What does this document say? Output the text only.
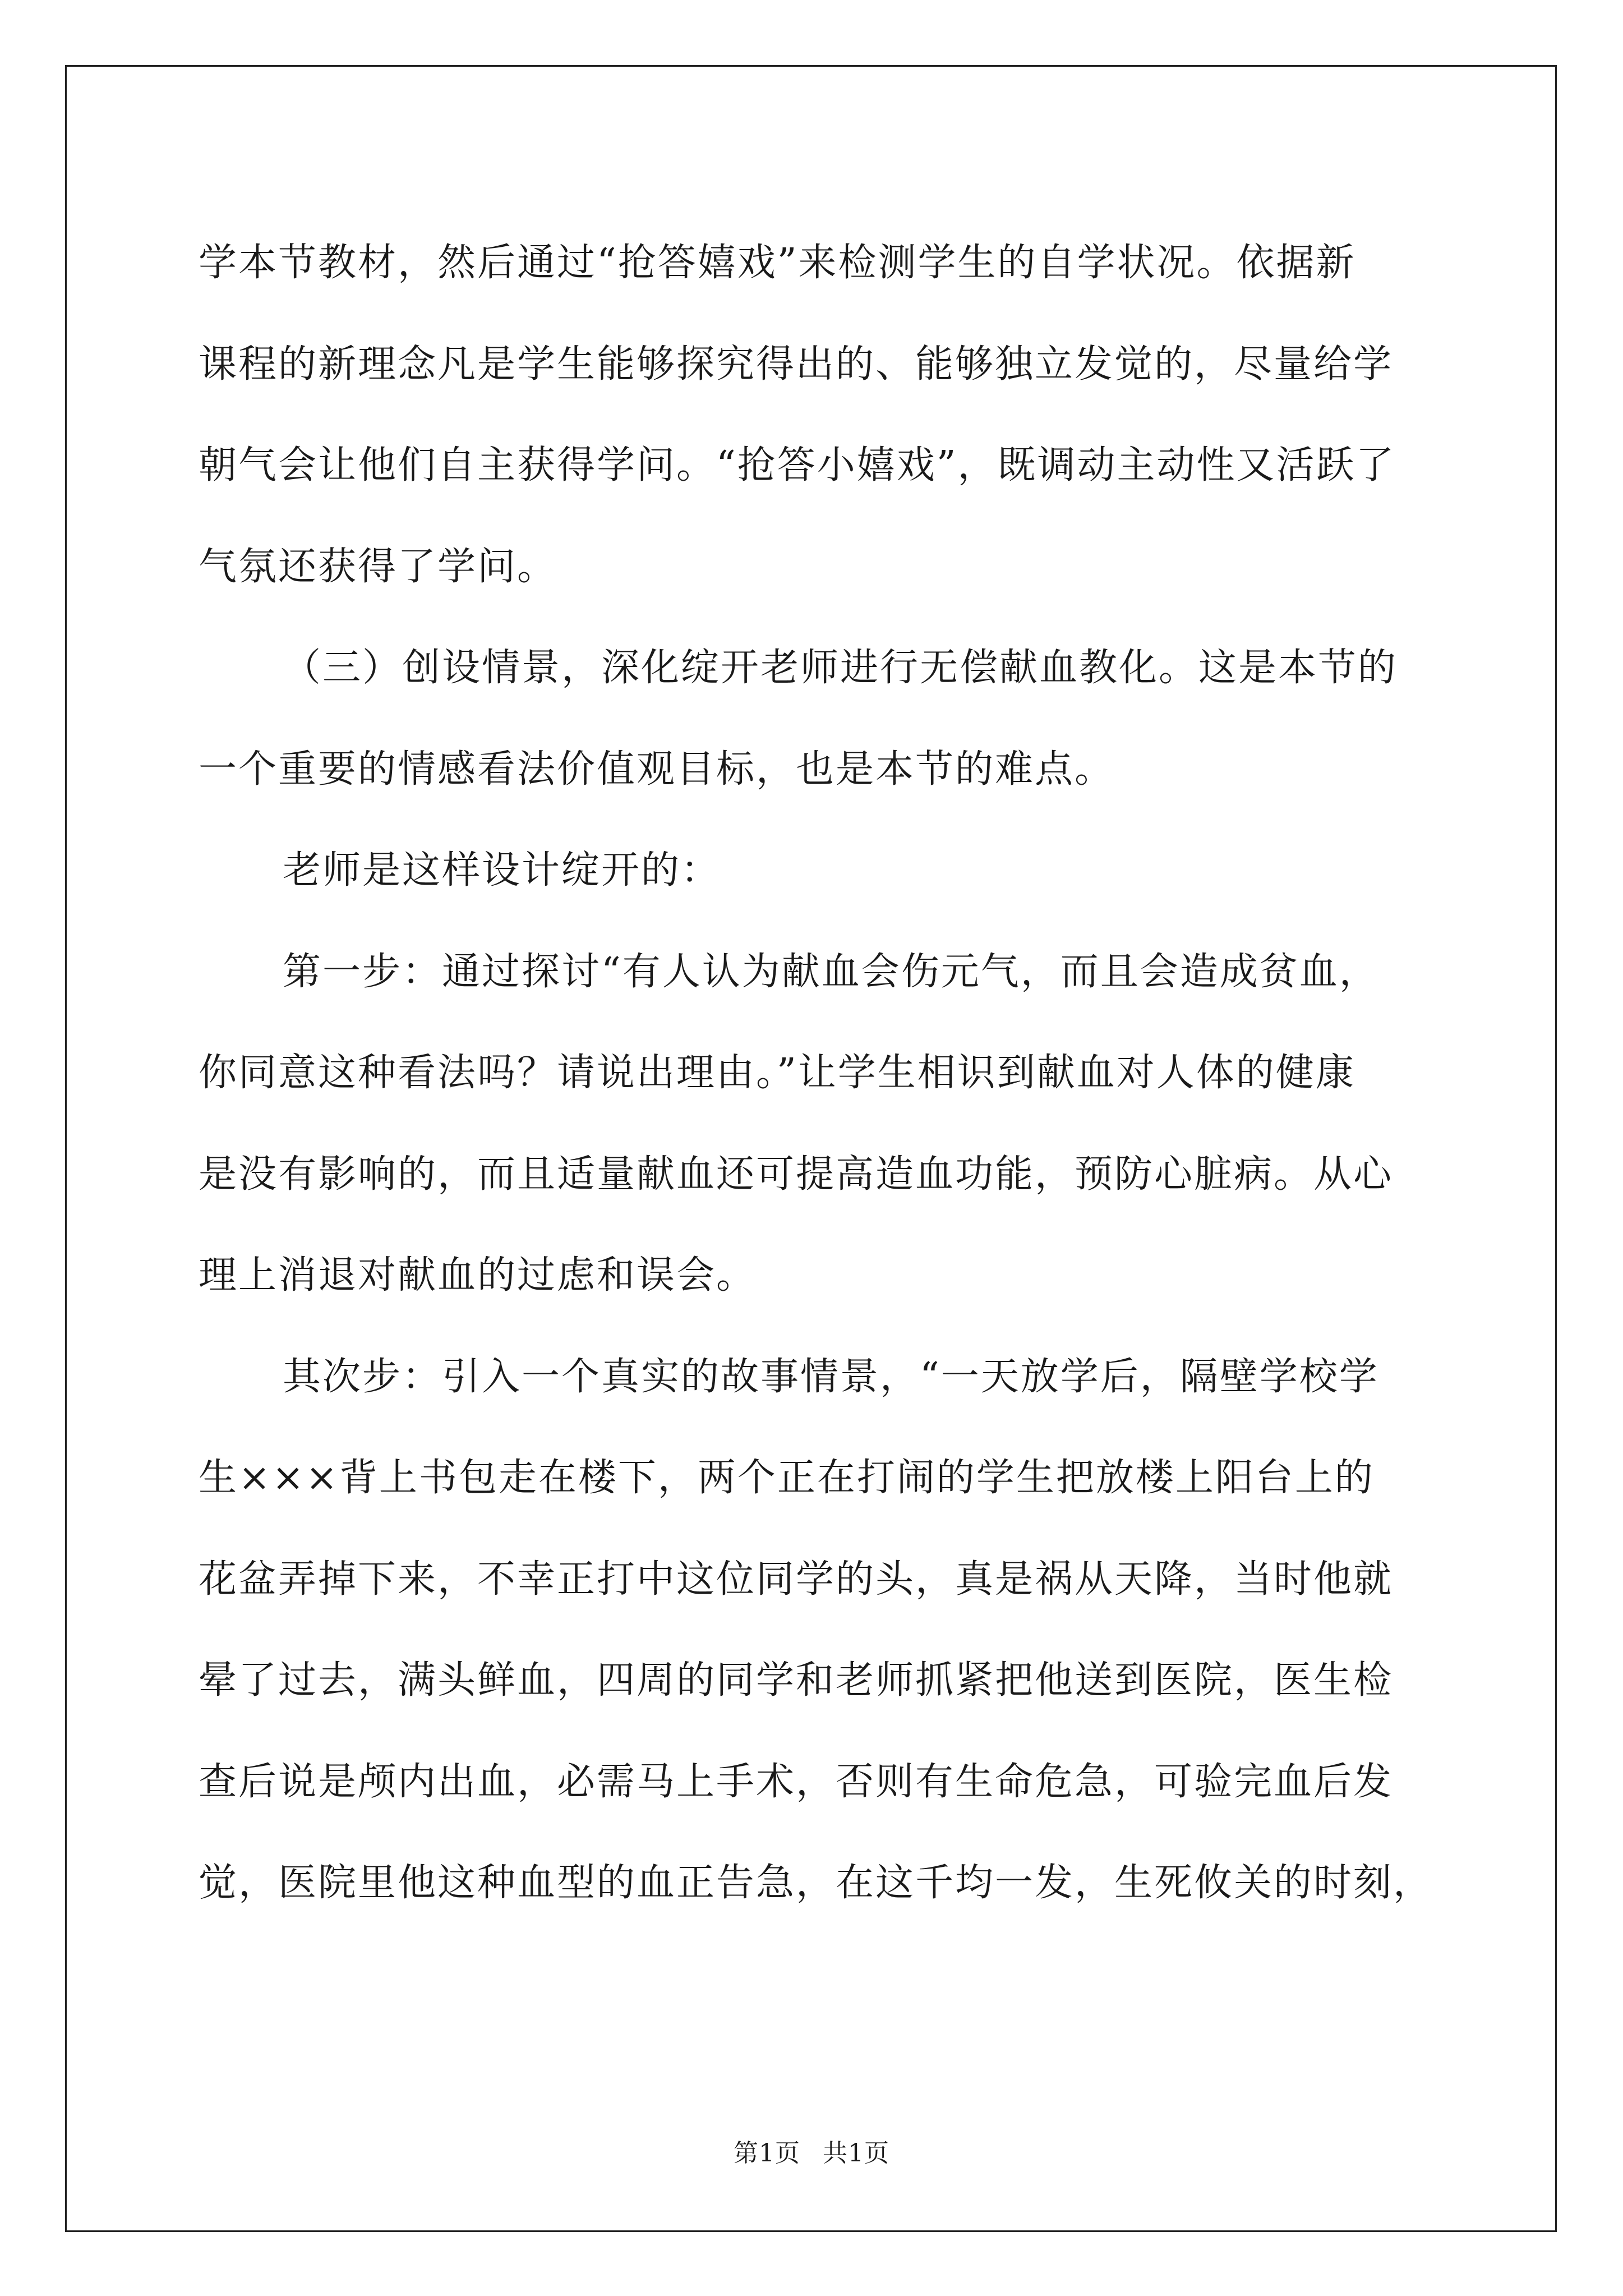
学本节教材，然后通过“抢答嬉戏”来检测学生的自学状况。依据新
课程的新理念凡是学生能够探究得出的、能够独立发觉的，尽量给学
朝气会让他们自主获得学问。“抢答小嬉戏”，既调动主动性又活跃了
气氛还获得了学问。
（三）创设情景，深化绽开老师进行无偿献血教化。这是本节的
一个重要的情感看法价值观目标，也是本节的难点。
老师是这样设计绽开的：
第一步：通过探讨“有人认为献血会伤元气，而且会造成贫血，
你同意这种看法吗？请说出理由。”让学生相识到献血对人体的健康
是没有影响的，而且适量献血还可提高造血功能，预防心脏病。从心
理上消退对献血的过虑和误会。
其次步：引入一个真实的故事情景，“一天放学后，隔壁学校学
生×××背上书包走在楼下，两个正在打闹的学生把放楼上阳台上的
花盆弄掉下来，不幸正打中这位同学的头，真是祸从天降，当时他就
晕了过去，满头鲜血，四周的同学和老师抓紧把他送到医院，医生检
查后说是颅内出血，必需马上手术，否则有生命危急，可验完血后发
觉，医院里他这种血型的血正告急，在这千均一发，生死攸关的时刻，
第1页 共1页
